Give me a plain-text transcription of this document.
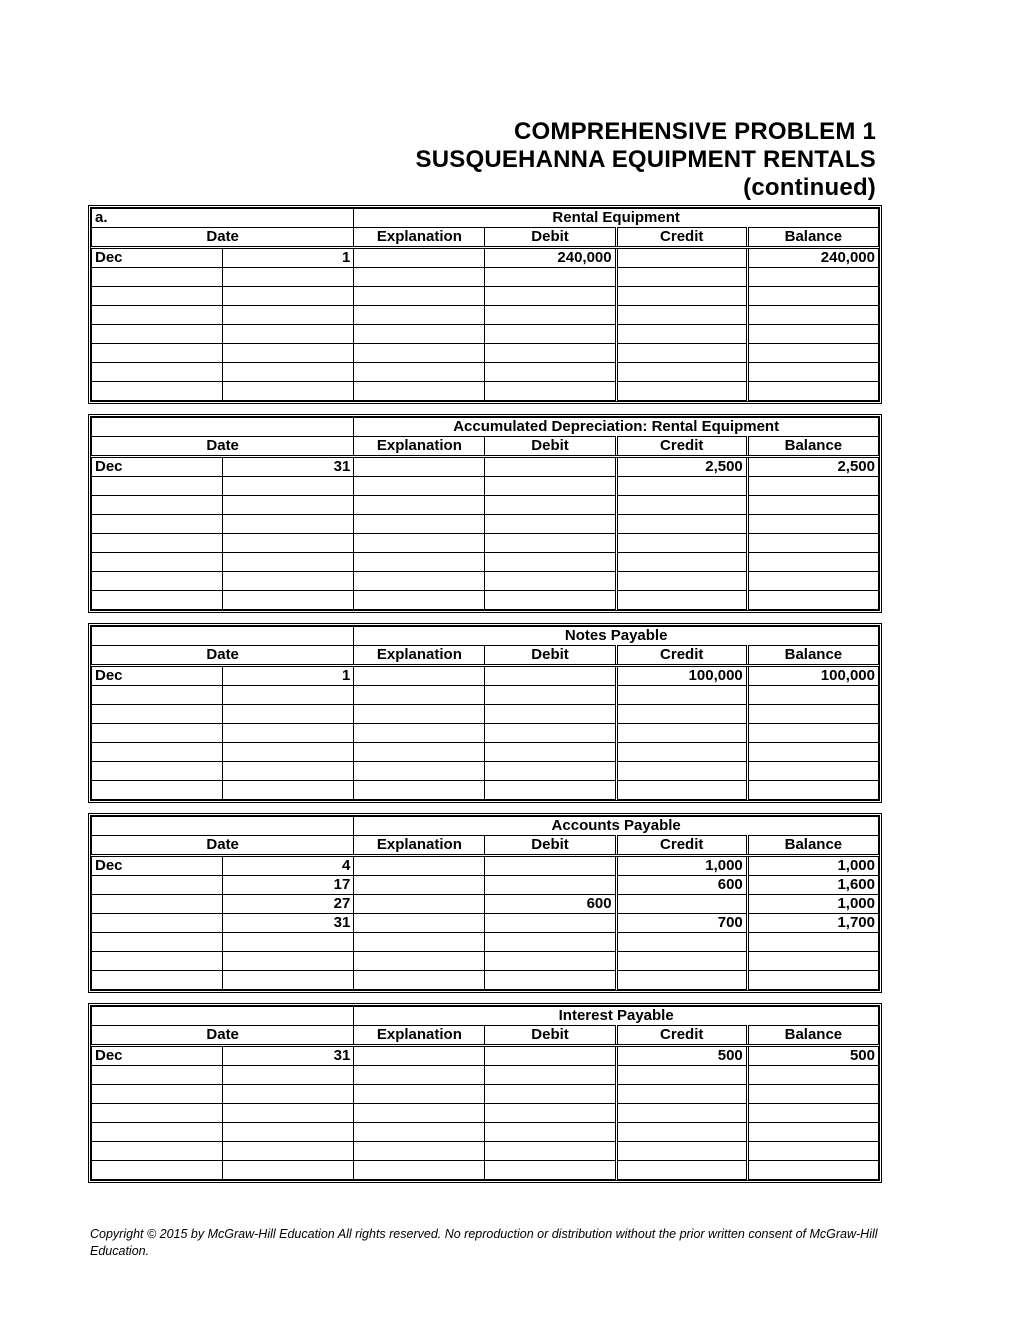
COMPREHENSIVE PROBLEM 1
SUSQUEHANNA EQUIPMENT RENTALS
(continued)
a.		Rental Equipment			
Date		Explanation	Debit	Credit	Balance
Dec	1		240,000		240,000

		Accumulated Depreciation: Rental Equipment			
Date		Explanation	Debit	Credit	Balance
Dec	31			2,500	2,500

		Notes Payable			
Date		Explanation	Debit	Credit	Balance
Dec	1			100,000	100,000

		Accounts Payable			
Date		Explanation	Debit	Credit	Balance
Dec	4			1,000	1,000
	17			600	1,600
	27		600		1,000
	31			700	1,700

		Interest Payable			
Date		Explanation	Debit	Credit	Balance
Dec	31			500	500

Copyright © 2015 by McGraw-Hill Education All rights reserved. No reproduction or distribution without the prior written consent of McGraw-Hill Education.
